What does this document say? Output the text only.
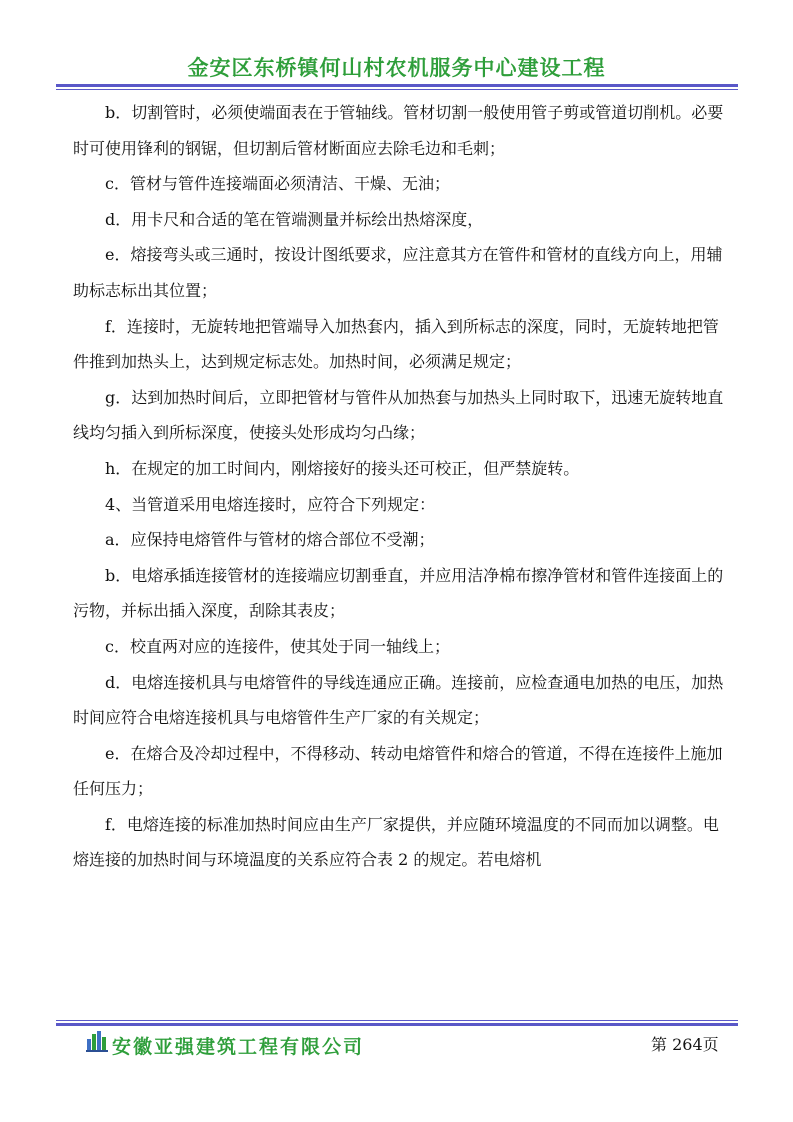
金安区东桥镇何山村农机服务中心建设工程

b．切割管时，必须使端面表在于管轴线。管材切割一般使用管子剪或管道切削机。必要时可使用锋利的钢锯，但切割后管材断面应去除毛边和毛刺；

c．管材与管件连接端面必须清洁、干燥、无油；

d．用卡尺和合适的笔在管端测量并标绘出热熔深度，

e．熔接弯头或三通时，按设计图纸要求，应注意其方在管件和管材的直线方向上，用辅助标志标出其位置；

f．连接时，无旋转地把管端导入加热套内，插入到所标志的深度，同时，无旋转地把管件推到加热头上，达到规定标志处。加热时间，必须满足规定；

g．达到加热时间后，立即把管材与管件从加热套与加热头上同时取下，迅速无旋转地直线均匀插入到所标深度，使接头处形成均匀凸缘；

h．在规定的加工时间内，刚熔接好的接头还可校正，但严禁旋转。

4、当管道采用电熔连接时，应符合下列规定：

a．应保持电熔管件与管材的熔合部位不受潮；

b．电熔承插连接管材的连接端应切割垂直，并应用洁净棉布擦净管材和管件连接面上的污物，并标出插入深度，刮除其表皮；

c．校直两对应的连接件，使其处于同一轴线上；

d．电熔连接机具与电熔管件的导线连通应正确。连接前，应检查通电加热的电压，加热时间应符合电熔连接机具与电熔管件生产厂家的有关规定；

e．在熔合及冷却过程中，不得移动、转动电熔管件和熔合的管道，不得在连接件上施加任何压力；

f．电熔连接的标准加热时间应由生产厂家提供，并应随环境温度的不同而加以调整。电熔连接的加热时间与环境温度的关系应符合表 2 的规定。若电熔机

安徽亚强建筑工程有限公司	第 264页
